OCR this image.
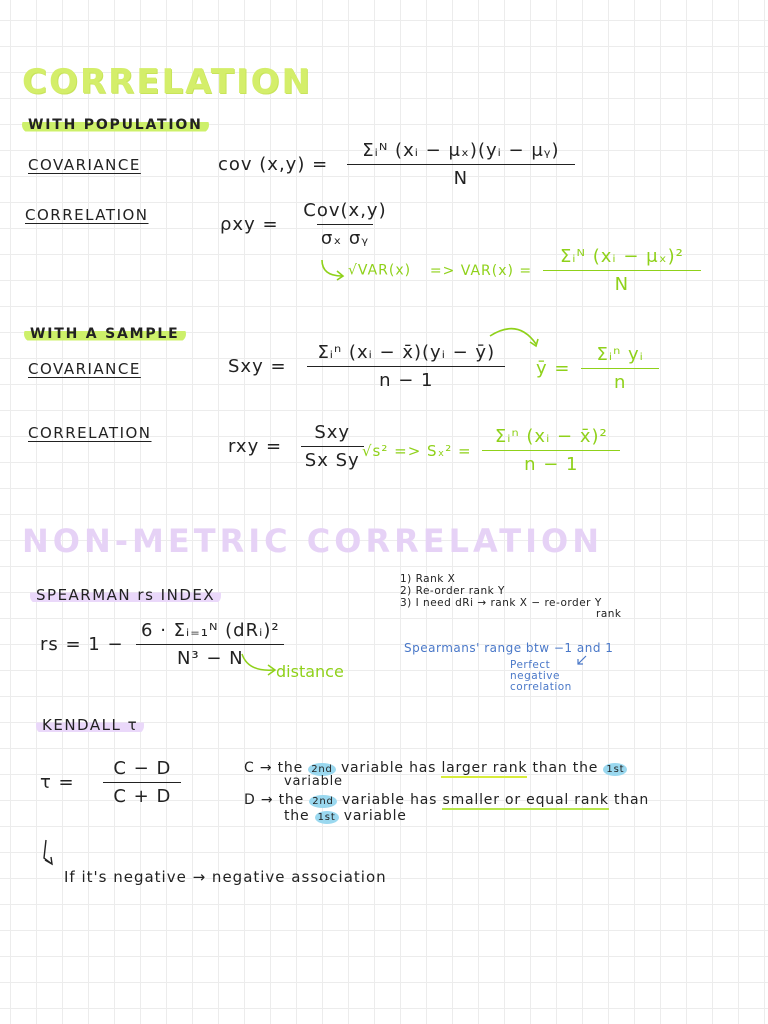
CORRELATION
WITH POPULATION
COVARIANCE	cov $(x,y) = \frac{\text{Σᵢᴺ (xᵢ − μₓ)(yᵢ − μᵧ)}}{N}$
CORRELATION	$\rho xy = \frac{\text{Cov(x,y)}}{\text{σₓ σᵧ}}$
$√VAR(x) => VAR(x) = \frac{\text{Σᵢᴺ (xᵢ − μₓ)²}}{N}$
WITH A SAMPLE
COVARIANCE	Sxy = $\frac{\text{Σᵢⁿ (xᵢ − x̄)(yᵢ − ȳ)}}{n - 1}$ ȳ = $\frac{\text{Σᵢⁿ yᵢ}}{n}$
CORRELATION
rxy = $\frac{\text{Sxy}}{\text{Sx Sy}}$
$√s^2 => S_x^2 = \frac{\text{Σᵢⁿ (xᵢ − x̄)²}}{n - 1}$
NON-METRIC CORRELATION
SPEARMAN rs INDEX
rs = $1 - \frac{\text{6 · Σᵢ₌₁ᴺ (dRᵢ)²}}{\text{N³ − N}}$
distance
1) Rank X
2) Re-order rank Y
3) I need dRi → rank X − re-order Y
rank
Spearmans' range btw −1 and 1
Perfect
negative
correlation
KENDALL τ
$\tau = \frac{C - D}{C + D}$	C → the 2nd variable has larger rank than the 1st
variable
D → the 2nd variable has smaller or equal rank than
the 1st variable
If it's negative → negative association
